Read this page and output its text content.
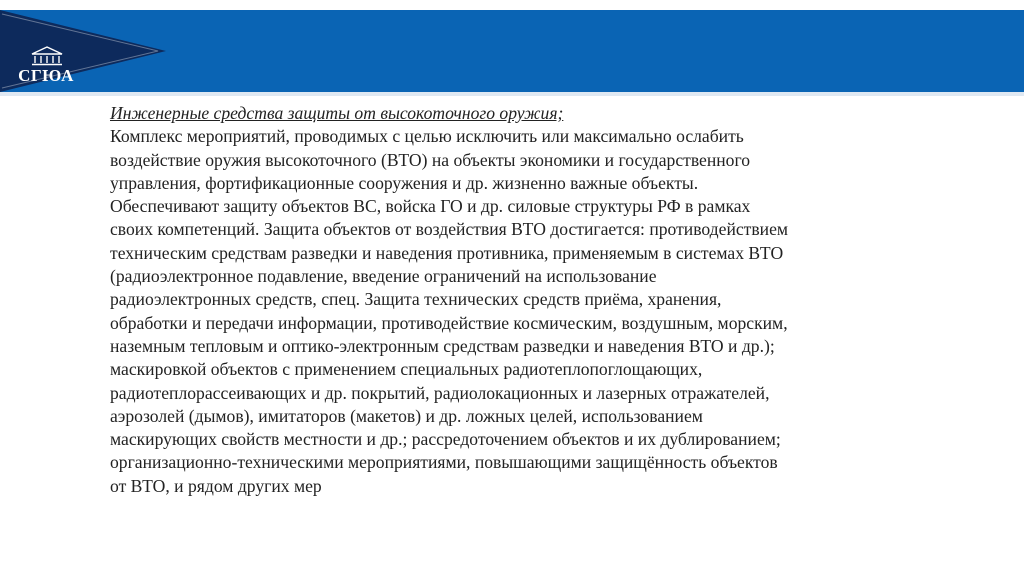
СГЮА
Инженерные средства защиты от высокоточного оружия;
Комплекс мероприятий, проводимых с целью исключить или максимально ослабить
воздействие оружия высокоточного (ВТО) на объекты экономики и государственного
управления, фортификационные сооружения и др. жизненно важные объекты.
Обеспечивают защиту объектов ВС, войска ГО и др. силовые структуры РФ в рамках
своих компетенций. Защита объектов от воздействия ВТО достигается: противодействием
техническим средствам разведки и наведения противника, применяемым в системах ВТО
(радиоэлектронное подавление, введение ограничений на использование
радиоэлектронных средств, спец. Защита технических средств приёма, хранения,
обработки и передачи информации, противодействие космическим, воздушным, морским,
наземным тепловым и оптико-электронным средствам разведки и наведения ВТО и др.);
маскировкой объектов с применением специальных радиотеплопоглощающих,
радиотеплорассеивающих и др. покрытий, радиолокационных и лазерных отражателей,
аэрозолей (дымов), имитаторов (макетов) и др. ложных целей, использованием
маскирующих свойств местности и др.; рассредоточением объектов и их дублированием;
организационно-техническими мероприятиями, повышающими защищённость объектов
от ВТО, и рядом других мер
